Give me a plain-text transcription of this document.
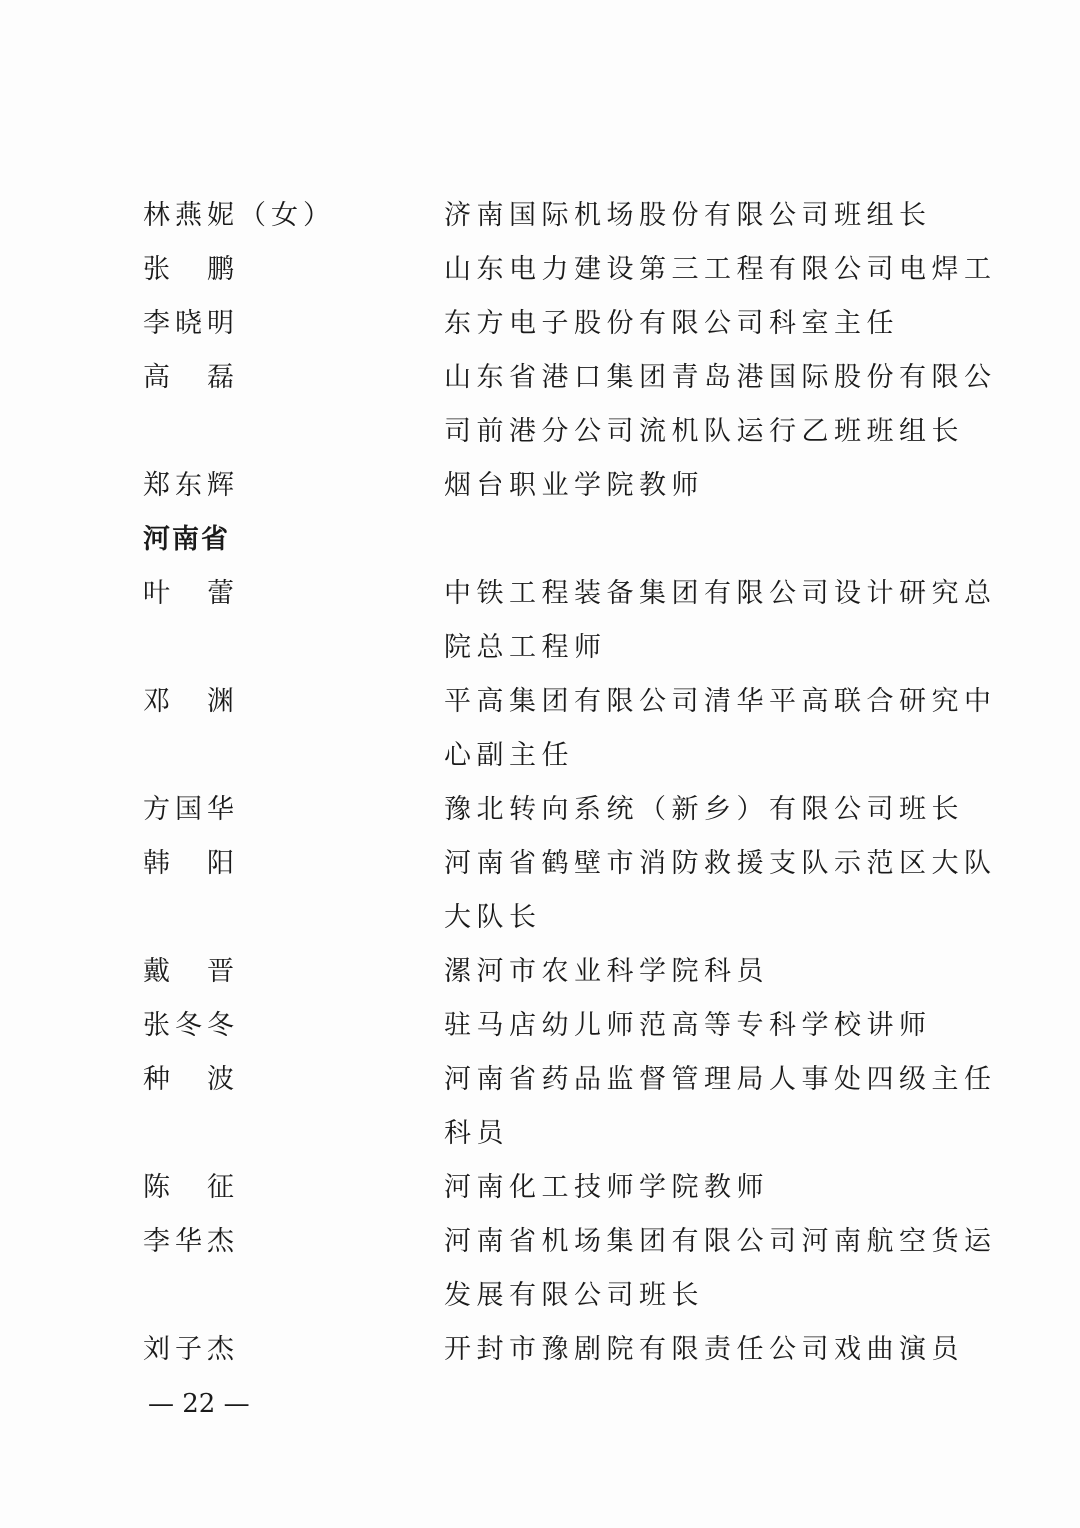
林燕妮（女）	济南国际机场股份有限公司班组长
张　鹏	山东电力建设第三工程有限公司电焊工
李晓明	东方电子股份有限公司科室主任
高　磊	山东省港口集团青岛港国际股份有限公
司前港分公司流机队运行乙班班组长
郑东辉	烟台职业学院教师
河南省
叶　蕾	中铁工程装备集团有限公司设计研究总
院总工程师
邓　渊	平高集团有限公司清华平高联合研究中
心副主任
方国华	豫北转向系统（新乡）有限公司班长
韩　阳	河南省鹤壁市消防救援支队示范区大队
大队长
戴　晋	漯河市农业科学院科员
张冬冬	驻马店幼儿师范高等专科学校讲师
种　波	河南省药品监督管理局人事处四级主任
科员
陈　征	河南化工技师学院教师
李华杰	河南省机场集团有限公司河南航空货运
发展有限公司班长
刘子杰	开封市豫剧院有限责任公司戏曲演员
— 22 —
